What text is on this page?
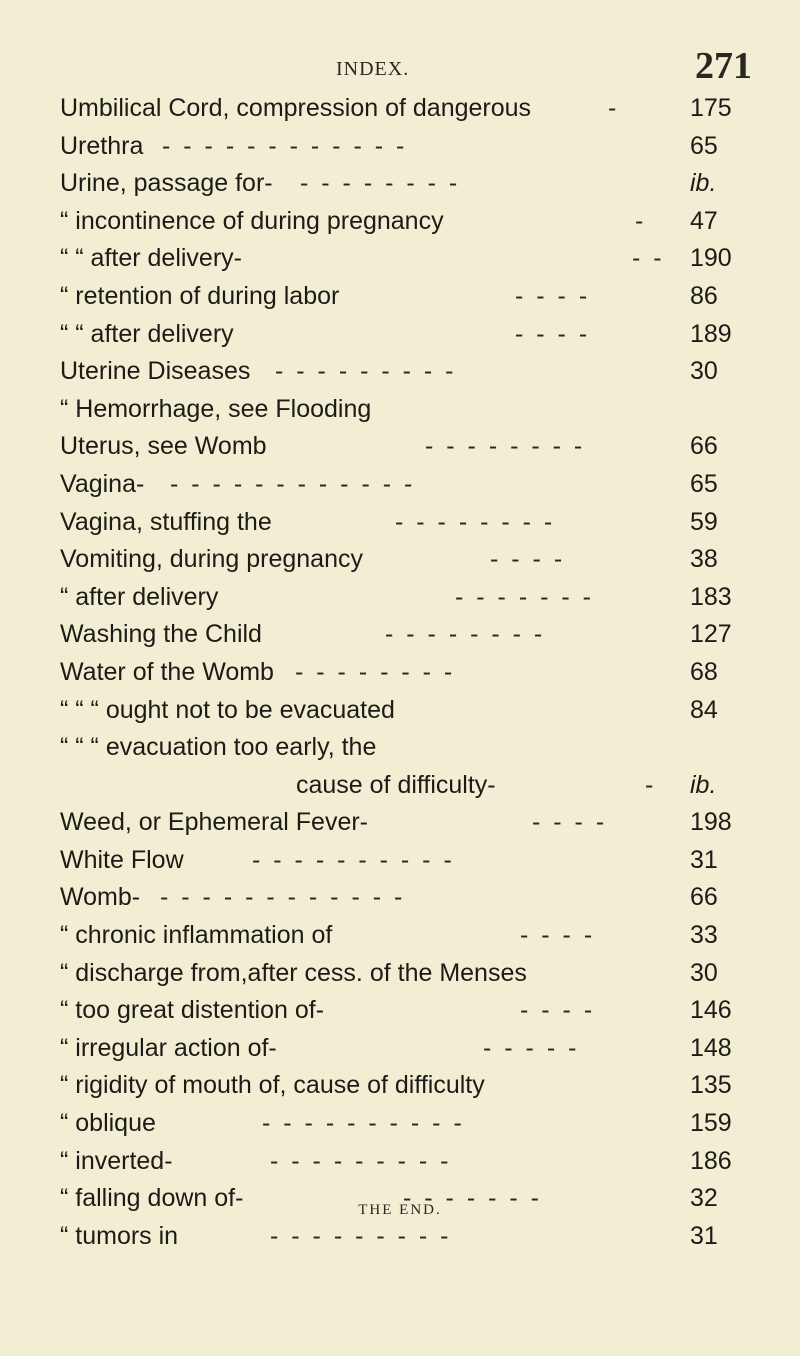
INDEX.	271
Umbilical Cord, compression of dangerous	-	175
Urethra - - - - - - - - - - - -	65
Urine, passage for- - - - - - - - -	ib.
“ incontinence of during pregnancy	- 47
“ “ after delivery-	- - 190
“ retention of during labor	- - - -	86
“ “ after delivery	- - - -	189
Uterine Diseases - - - - - - - - -	30
“ Hemorrhage, see Flooding
Uterus, see Womb	- - - - - - - -	66
Vagina- - - - - - - - - - - - -	65
Vagina, stuffing the	- - - - - - - -	59
Vomiting, during pregnancy	- - - -	38
“ after delivery	- - - - - - -	183
Washing the Child	- - - - - - - -	127
Water of the Womb - - - - - - - -	68
“ “ “ ought not to be evacuated	84
“ “ “ evacuation too early, the
cause of difficulty-	- ib.
Weed, or Ephemeral Fever-	- - - -	198
White Flow	- - - - - - - - - -	31
Womb- - - - - - - - - - - - -	66
“ chronic inflammation of	- - - -	33
“ discharge from,after cess. of the Menses	30
“ too great distention of-	- - - -	146
“ irregular action of-	- - - - -	148
“ rigidity of mouth of, cause of difficulty	135
“ oblique	- - - - - - - - - -	159
“ inverted-	- - - - - - - - -	186
“ falling down of-	- - - - - - -	32
“ tumors in	- - - - - - - - -	31
THE END.
